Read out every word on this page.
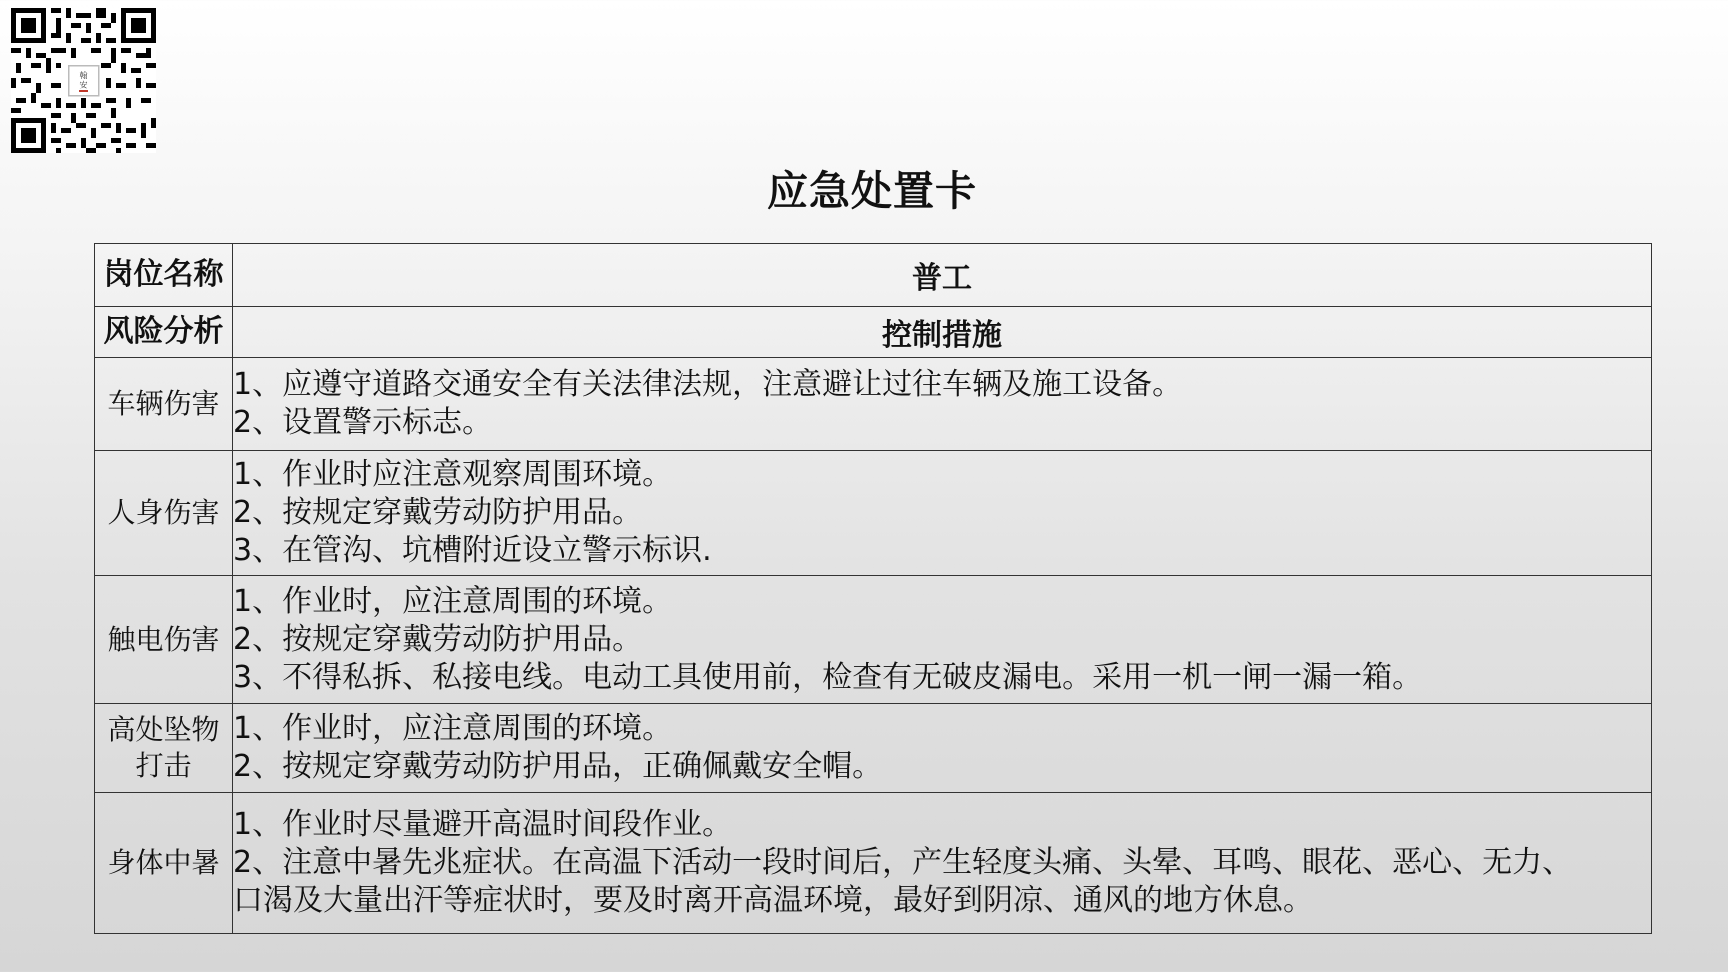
翰
安
应急处置卡
岗位名称	普工
风险分析	控制措施
车辆伤害	1、应遵守道路交通安全有关法律法规，注意避让过往车辆及施工设备。
2、设置警示标志。

人身伤害	1、作业时应注意观察周围环境。
2、按规定穿戴劳动防护用品。
3、在管沟、坑槽附近设立警示标识.

触电伤害	1、作业时，应注意周围的环境。
2、按规定穿戴劳动防护用品。
3、不得私拆、私接电线。电动工具使用前，检查有无破皮漏电。采用一机一闸一漏一箱。

高处坠物
打击	1、作业时，应注意周围的环境。
2、按规定穿戴劳动防护用品，正确佩戴安全帽。

身体中暑	1、作业时尽量避开高温时间段作业。
2、注意中暑先兆症状。在高温下活动一段时间后，产生轻度头痛、头晕、耳鸣、眼花、恶心、无力、
口渴及大量出汗等症状时，要及时离开高温环境，最好到阴凉、通风的地方休息。
